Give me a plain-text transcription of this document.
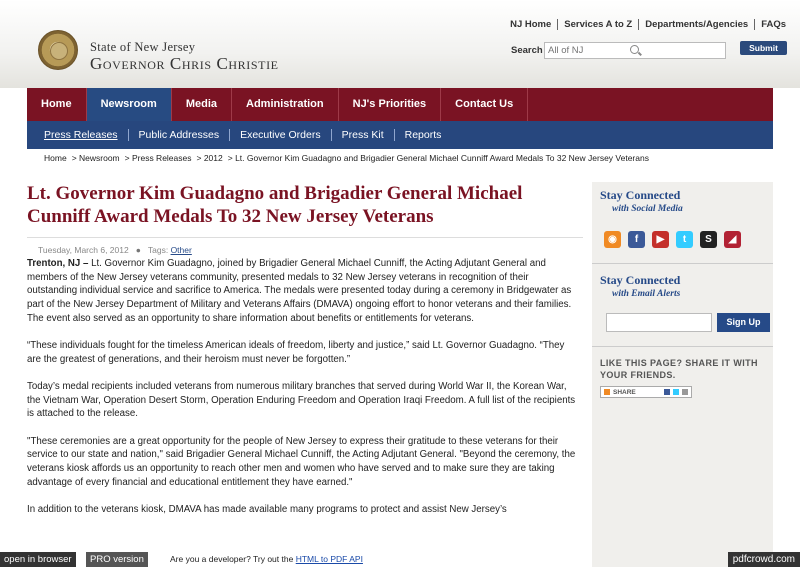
State of New Jersey
Governor Chris Christie
Search
All of NJ	Submit
NJ Home Services A to Z Departments/Agencies FAQs
Home	Newsroom	Media	Administration	NJ's Priorities	Contact Us
Press Releases	Public Addresses	Executive Orders	Press Kit	Reports
Home > Newsroom > Press Releases > 2012 > Lt. Governor Kim Guadagno and Brigadier General Michael Cunniff Award Medals To 32 New Jersey Veterans
Lt. Governor Kim Guadagno and Brigadier General Michael Cunniff Award Medals To 32 New Jersey Veterans
Tuesday, March 6, 2012 ● Tags: Other

Trenton, NJ – Lt. Governor Kim Guadagno, joined by Brigadier General Michael Cunniff, the Acting Adjutant General and members of the New Jersey veterans community, presented medals to 32 New Jersey veterans in recognition of their outstanding individual service and sacrifice to America. The medals were presented today during a ceremony in Bridgewater as part of the New Jersey Department of Military and Veterans Affairs (DMAVA) ongoing effort to honor veterans and their families. The event also served as an opportunity to share information about benefits or entitlements for veterans.

“These individuals fought for the timeless American ideals of freedom, liberty and justice,” said Lt. Governor Guadagno. “They are the greatest of generations, and their heroism must never be forgotten.”

Today’s medal recipients included veterans from numerous military branches that served during World War II, the Korean War, the Vietnam War, Operation Desert Storm, Operation Enduring Freedom and Operation Iraqi Freedom. A full list of the recipients is attached to the release.

"These ceremonies are a great opportunity for the people of New Jersey to express their gratitude to these veterans for their service to our state and nation," said Brigadier General Michael Cunniff, the Acting Adjutant General. "Beyond the ceremony, the veterans kiosk affords us an opportunity to reach other men and women who have served and to make sure they are taking advantage of every financial and educational entitlement they have earned."

In addition to the veterans kiosk, DMAVA has made available many programs to protect and assist New Jersey’s

Stay Connected
with Social Media
◉	f	▶	t	S	◢
Stay Connected
with Email Alerts
Sign Up
LIKE THIS PAGE? SHARE IT WITH YOUR FRIENDS.
SHARE
open in browser	PRO version	Are you a developer? Try out the HTML to PDF API	pdfcrowd.com
